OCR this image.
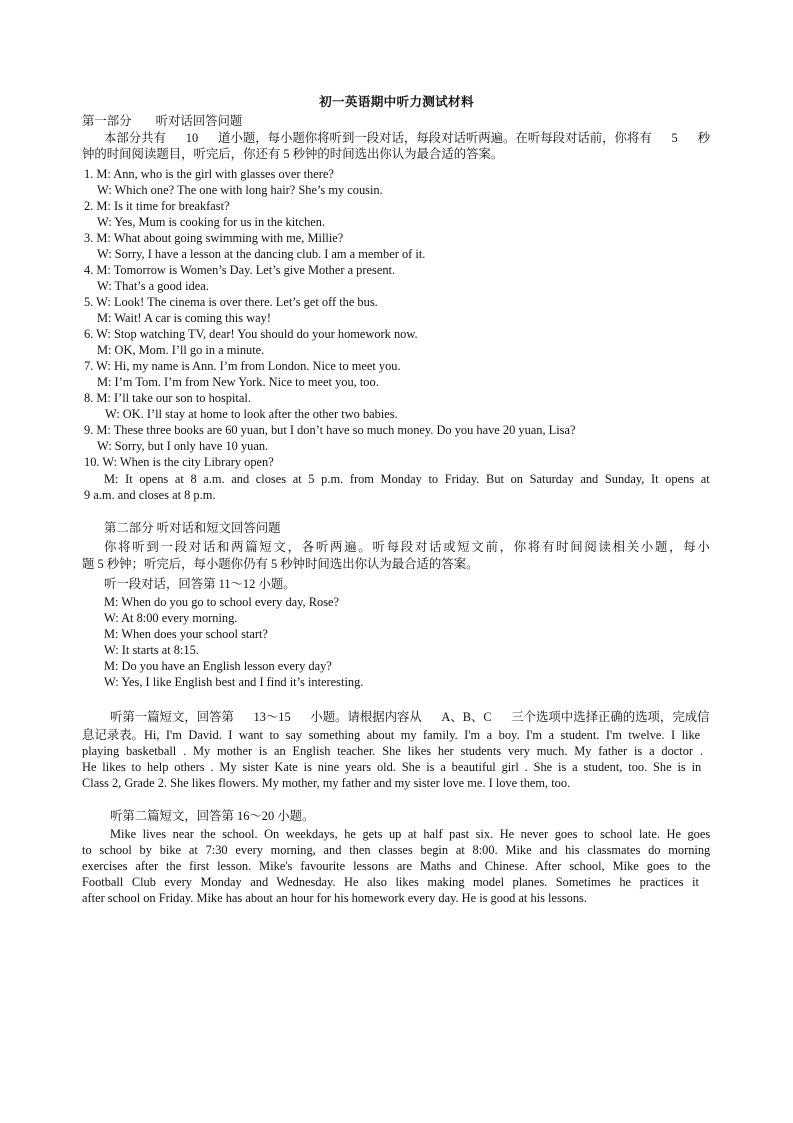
初一英语期中听力测试材料
第一部分 听对话回答问题
本部分共有 10 道小题，每小题你将听到一段对话，每段对话听两遍。在听每段对话前，你将有 5 秒
钟的时间阅读题目，听完后，你还有 5 秒钟的时间选出你认为最合适的答案。
1. M: Ann, who is the girl with glasses over there?
W: Which one? The one with long hair? She’s my cousin.
2. M: Is it time for breakfast?
W: Yes, Mum is cooking for us in the kitchen.
3. M: What about going swimming with me, Millie?
W: Sorry, I have a lesson at the dancing club. I am a member of it.
4. M: Tomorrow is Women’s Day. Let’s give Mother a present.
W: That’s a good idea.
5. W: Look! The cinema is over there. Let’s get off the bus.
M: Wait! A car is coming this way!
6. W: Stop watching TV, dear! You should do your homework now.
M: OK, Mom. I’ll go in a minute.
7. W: Hi, my name is Ann. I’m from London. Nice to meet you.
M: I’m Tom. I’m from New York. Nice to meet you, too.
8. M: I’ll take our son to hospital.
W: OK. I’ll stay at home to look after the other two babies.
9. M: These three books are 60 yuan, but I don’t have so much money. Do you have 20 yuan, Lisa?
W: Sorry, but I only have 10 yuan.
10. W: When is the city Library open?
M: It opens at 8 a.m. and closes at 5 p.m. from Monday to Friday. But on Saturday and Sunday, It opens at
9 a.m. and closes at 8 p.m.
第二部分 听对话和短文回答问题
你将听到一段对话和两篇短文，各听两遍。听每段对话或短文前，你将有时间阅读相关小题，每小
题 5 秒钟；听完后，每小题你仍有 5 秒钟时间选出你认为最合适的答案。
听一段对话，回答第 11～12 小题。
M: When do you go to school every day, Rose?
W: At 8:00 every morning.
M: When does your school start?
W: It starts at 8:15.
M: Do you have an English lesson every day?
W: Yes, I like English best and I find it’s interesting.
听第一篇短文，回答第 13～15 小题。请根据内容从 A、B、C 三个选项中选择正确的选项，完成信
息记录表。Hi, I'm David. I want to say something about my family. I'm a boy. I'm a student. I'm twelve. I like
playing basketball . My mother is an English teacher. She likes her students very much. My father is a doctor .
He likes to help others . My sister Kate is nine years old. She is a beautiful girl . She is a student, too. She is in
Class 2, Grade 2. She likes flowers. My mother, my father and my sister love me. I love them, too.
听第二篇短文，回答第 16～20 小题。
Mike lives near the school. On weekdays, he gets up at half past six. He never goes to school late. He goes
to school by bike at 7:30 every morning, and then classes begin at 8:00. Mike and his classmates do morning
exercises after the first lesson. Mike's favourite lessons are Maths and Chinese. After school, Mike goes to the
Football Club every Monday and Wednesday. He also likes making model planes. Sometimes he practices it
after school on Friday. Mike has about an hour for his homework every day. He is good at his lessons.
